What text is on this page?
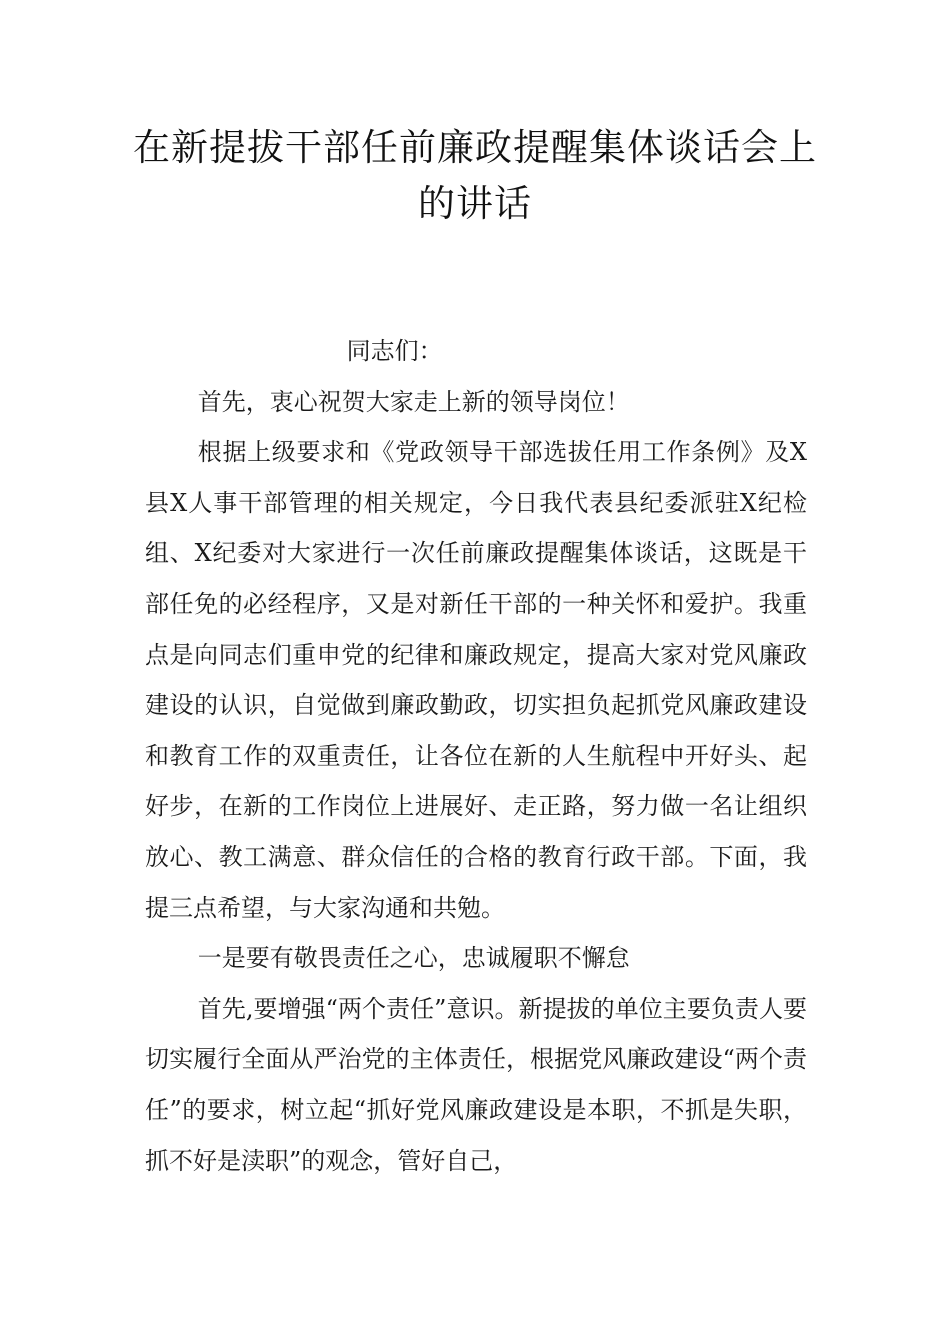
在新提拔干部任前廉政提醒集体谈话会上的讲话

同志们：

首先，衷心祝贺大家走上新的领导岗位！

根据上级要求和《党政领导干部选拔任用工作条例》及X县X人事干部管理的相关规定，今日我代表县纪委派驻X纪检组、X纪委对大家进行一次任前廉政提醒集体谈话，这既是干部任免的必经程序，又是对新任干部的一种关怀和爱护。我重点是向同志们重申党的纪律和廉政规定，提高大家对党风廉政建设的认识，自觉做到廉政勤政，切实担负起抓党风廉政建设和教育工作的双重责任，让各位在新的人生航程中开好头、起好步，在新的工作岗位上进展好、走正路，努力做一名让组织放心、教工满意、群众信任的合格的教育行政干部。下面，我提三点希望，与大家沟通和共勉。

一是要有敬畏责任之心，忠诚履职不懈怠

首先,要增强“两个责任”意识。新提拔的单位主要负责人要切实履行全面从严治党的主体责任，根据党风廉政建设“两个责任”的要求，树立起“抓好党风廉政建设是本职，不抓是失职，抓不好是渎职”的观念，管好自己，
